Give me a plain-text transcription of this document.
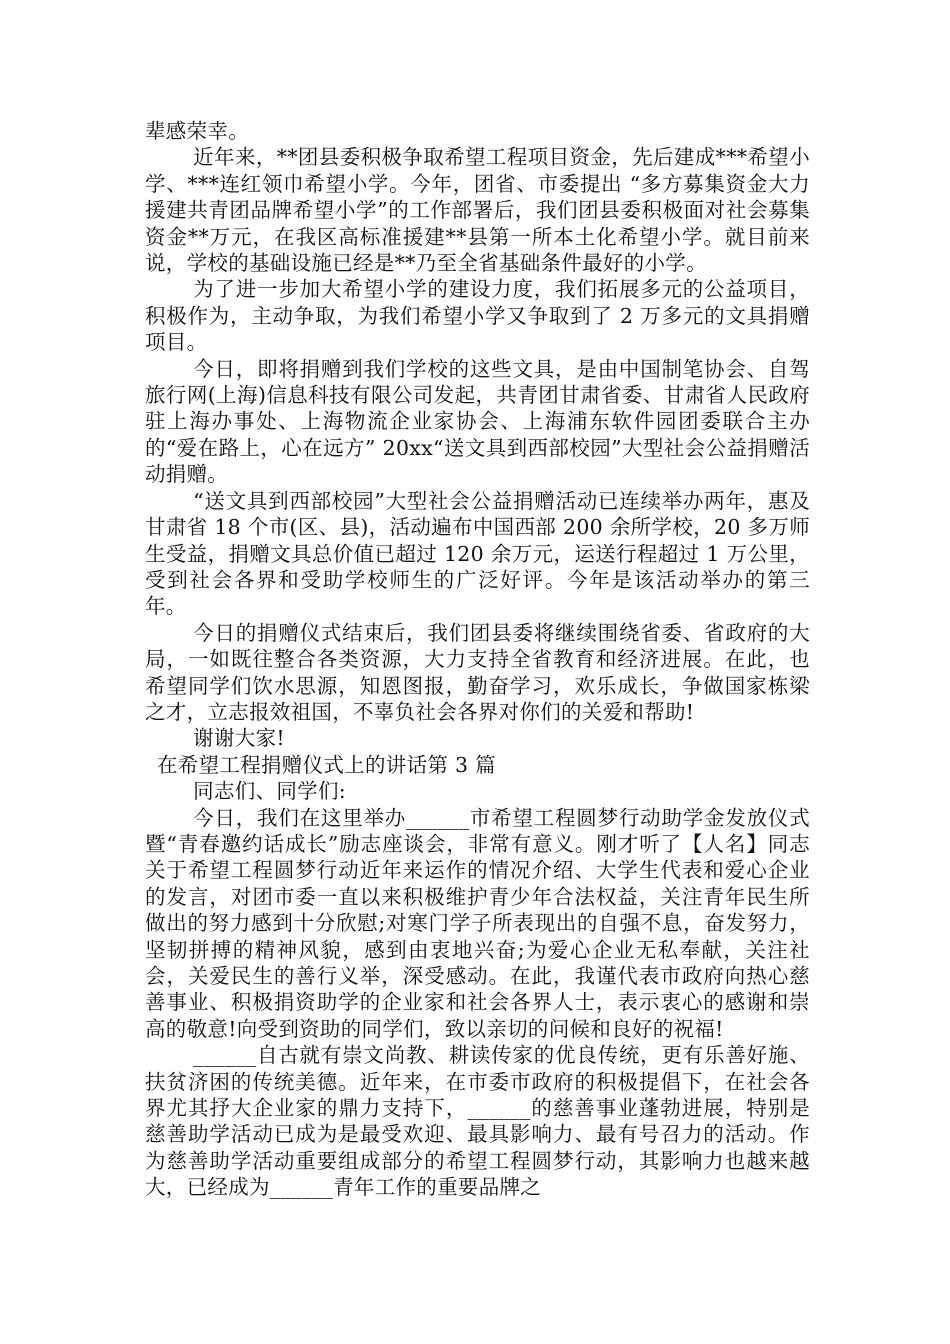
辈感荣幸。

近年来，**团县委积极争取希望工程项目资金，先后建成***希望小学、***连红领巾希望小学。今年，团省、市委提出 “多方募集资金大力援建共青团品牌希望小学”的工作部署后，我们团县委积极面对社会募集资金**万元，在我区高标准援建**县第一所本土化希望小学。就目前来说，学校的基础设施已经是**乃至全省基础条件最好的小学。

为了进一步加大希望小学的建设力度，我们拓展多元的公益项目，积极作为，主动争取，为我们希望小学又争取到了 2 万多元的文具捐赠项目。

今日，即将捐赠到我们学校的这些文具，是由中国制笔协会、自驾旅行网(上海)信息科技有限公司发起，共青团甘肃省委、甘肃省人民政府驻上海办事处、上海物流企业家协会、上海浦东软件园团委联合主办的“爱在路上，心在远方” 20xx“送文具到西部校园”大型社会公益捐赠活动捐赠。

“送文具到西部校园”大型社会公益捐赠活动已连续举办两年，惠及甘肃省 18 个市(区、县)，活动遍布中国西部 200 余所学校，20 多万师生受益，捐赠文具总价值已超过 120 余万元，运送行程超过 1 万公里，受到社会各界和受助学校师生的广泛好评。今年是该活动举办的第三年。

今日的捐赠仪式结束后，我们团县委将继续围绕省委、省政府的大局，一如既往整合各类资源，大力支持全省教育和经济进展。在此，也希望同学们饮水思源，知恩图报，勤奋学习，欢乐成长，争做国家栋梁之才，立志报效祖国，不辜负社会各界对你们的关爱和帮助!

谢谢大家!

在希望工程捐赠仪式上的讲话第 3 篇

同志们、同学们:

今日，我们在这里举办______市希望工程圆梦行动助学金发放仪式暨“青春邀约话成长”励志座谈会，非常有意义。刚才听了【人名】同志关于希望工程圆梦行动近年来运作的情况介绍、大学生代表和爱心企业的发言，对团市委一直以来积极维护青少年合法权益，关注青年民生所做出的努力感到十分欣慰;对寒门学子所表现出的自强不息，奋发努力，坚韧拼搏的精神风貌，感到由衷地兴奋;为爱心企业无私奉献，关注社会，关爱民生的善行义举，深受感动。在此，我谨代表市政府向热心慈善事业、积极捐资助学的企业家和社会各界人士，表示衷心的感谢和崇高的敬意!向受到资助的同学们，致以亲切的问候和良好的祝福!

______自古就有崇文尚教、耕读传家的优良传统，更有乐善好施、扶贫济困的传统美德。近年来，在市委市政府的积极提倡下，在社会各界尤其抒大企业家的鼎力支持下，______的慈善事业蓬勃进展，特别是慈善助学活动已成为是最受欢迎、最具影响力、最有号召力的活动。作为慈善助学活动重要组成部分的希望工程圆梦行动，其影响力也越来越大，已经成为______青年工作的重要品牌之
